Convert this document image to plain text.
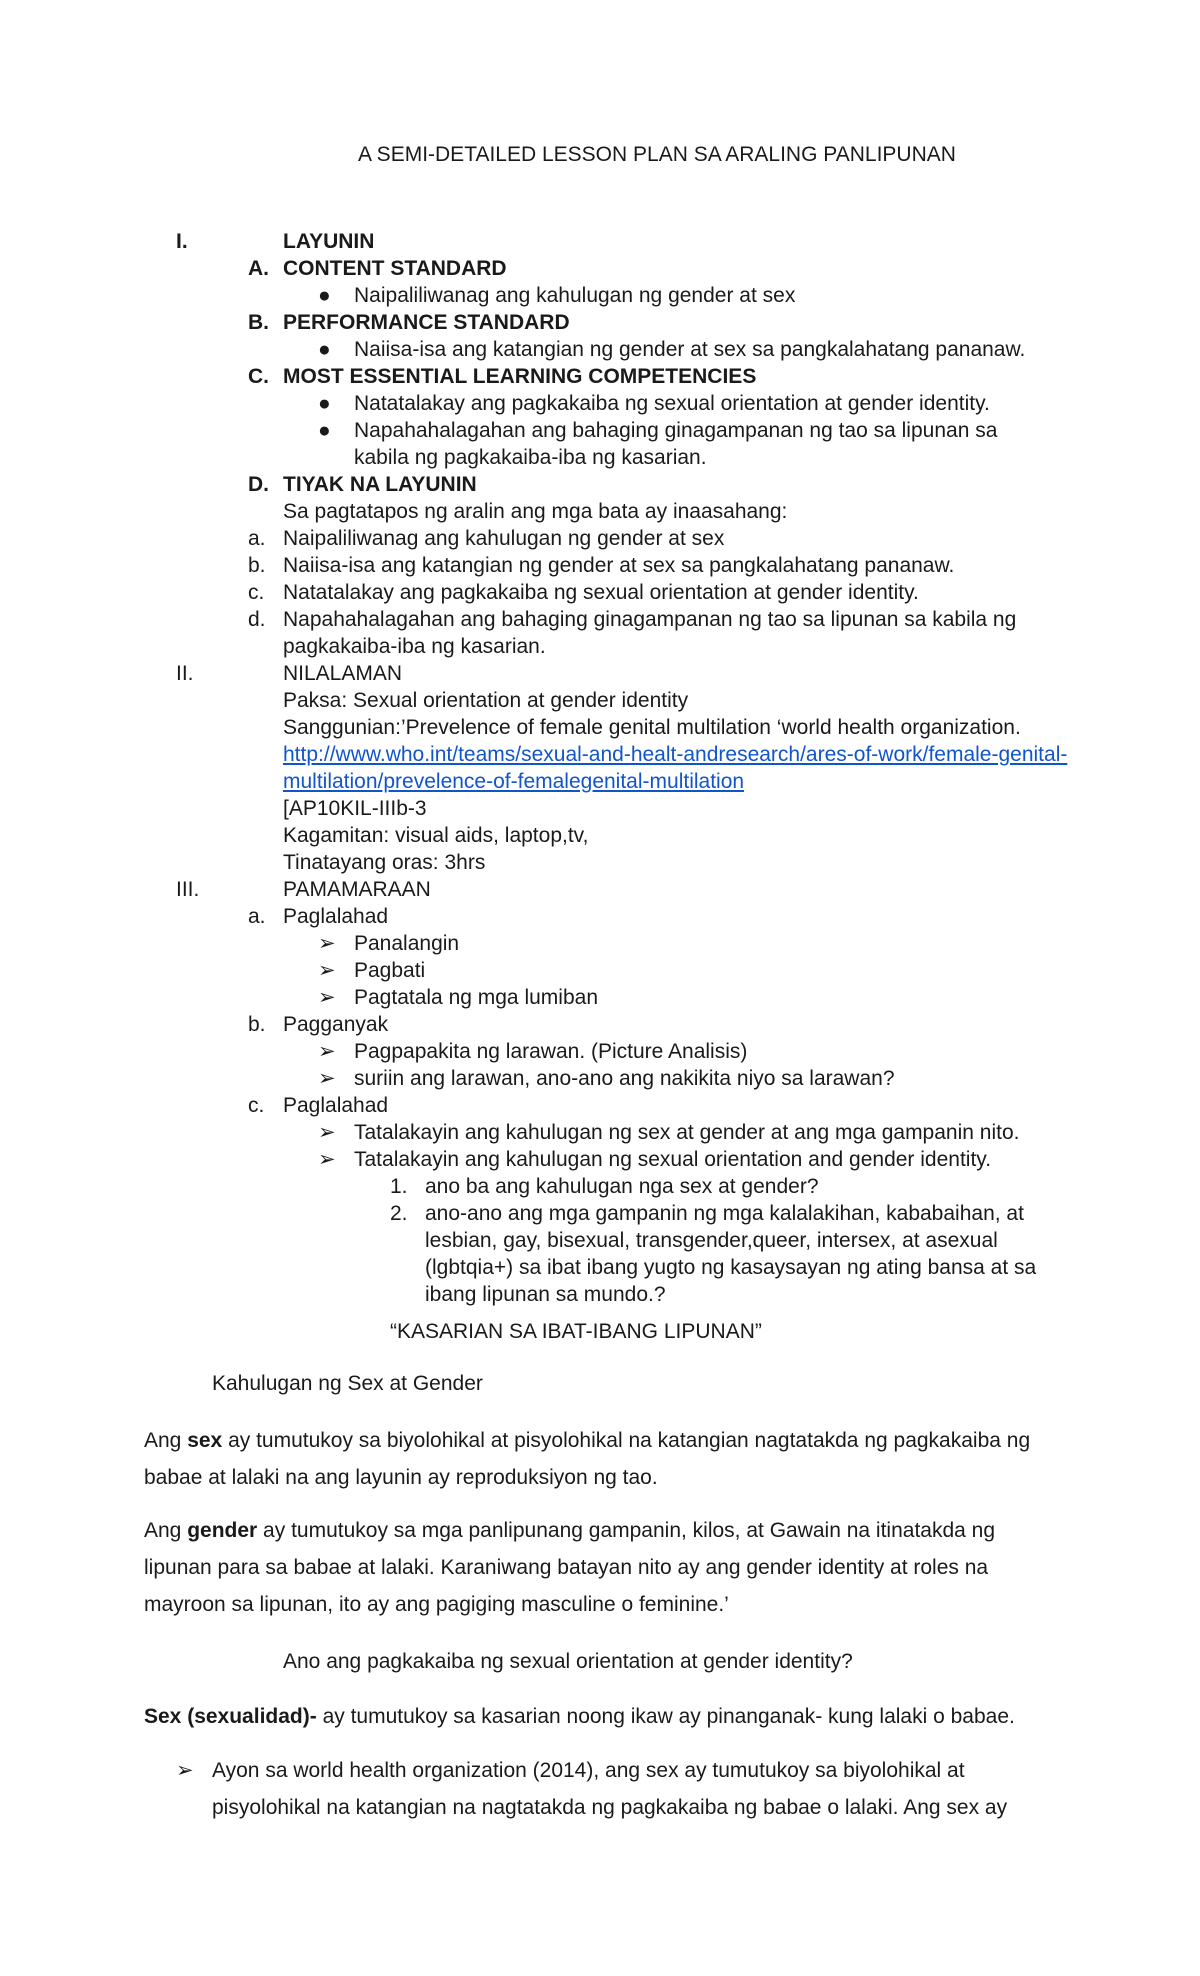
A SEMI-DETAILED LESSON PLAN SA ARALING PANLIPUNAN
I.	LAYUNIN
A. CONTENT STANDARD
● Naipaliliwanag ang kahulugan ng gender at sex
B. PERFORMANCE STANDARD
● Naiisa-isa ang katangian ng gender at sex sa pangkalahatang pananaw.
C. MOST ESSENTIAL LEARNING COMPETENCIES
● Natatalakay ang pagkakaiba ng sexual orientation at gender identity.
● Napahahalagahan ang bahaging ginagampanan ng tao sa lipunan sa
kabila ng pagkakaiba-iba ng kasarian.
D. TIYAK NA LAYUNIN
Sa pagtatapos ng aralin ang mga bata ay inaasahang:
a. Naipaliliwanag ang kahulugan ng gender at sex
b. Naiisa-isa ang katangian ng gender at sex sa pangkalahatang pananaw.
c. Natatalakay ang pagkakaiba ng sexual orientation at gender identity.
d. Napahahalagahan ang bahaging ginagampanan ng tao sa lipunan sa kabila ng
pagkakaiba-iba ng kasarian.
II.	NILALAMAN
Paksa: Sexual orientation at gender identity
Sanggunian:’Prevelence of female genital multilation ‘world health organization.
http://www.who.int/teams/sexual-and-healt-andresearch/ares-of-work/female-genital-
multilation/prevelence-of-femalegenital-multilation
[AP10KIL-IIIb-3
Kagamitan: visual aids, laptop,tv,
Tinatayang oras: 3hrs
III.	PAMAMARAAN
a. Paglalahad
➢ Panalangin
➢ Pagbati
➢ Pagtatala ng mga lumiban
b. Pagganyak
➢ Pagpapakita ng larawan. (Picture Analisis)
➢ suriin ang larawan, ano-ano ang nakikita niyo sa larawan?
c. Paglalahad
➢ Tatalakayin ang kahulugan ng sex at gender at ang mga gampanin nito.
➢ Tatalakayin ang kahulugan ng sexual orientation and gender identity.
1. ano ba ang kahulugan nga sex at gender?
2. ano-ano ang mga gampanin ng mga kalalakihan, kababaihan, at
lesbian, gay, bisexual, transgender,queer, intersex, at asexual
(lgbtqia+) sa ibat ibang yugto ng kasaysayan ng ating bansa at sa
ibang lipunan sa mundo.?
“KASARIAN SA IBAT-IBANG LIPUNAN”
Kahulugan ng Sex at Gender
Ang sex ay tumutukoy sa biyolohikal at pisyolohikal na katangian nagtatakda ng pagkakaiba ng
babae at lalaki na ang layunin ay reproduksiyon ng tao.
Ang gender ay tumutukoy sa mga panlipunang gampanin, kilos, at Gawain na itinatakda ng
lipunan para sa babae at lalaki. Karaniwang batayan nito ay ang gender identity at roles na
mayroon sa lipunan, ito ay ang pagiging masculine o feminine.’
Ano ang pagkakaiba ng sexual orientation at gender identity?
Sex (sexualidad)- ay tumutukoy sa kasarian noong ikaw ay pinanganak- kung lalaki o babae.
➢ Ayon sa world health organization (2014), ang sex ay tumutukoy sa biyolohikal at
pisyolohikal na katangian na nagtatakda ng pagkakaiba ng babae o lalaki. Ang sex ay
